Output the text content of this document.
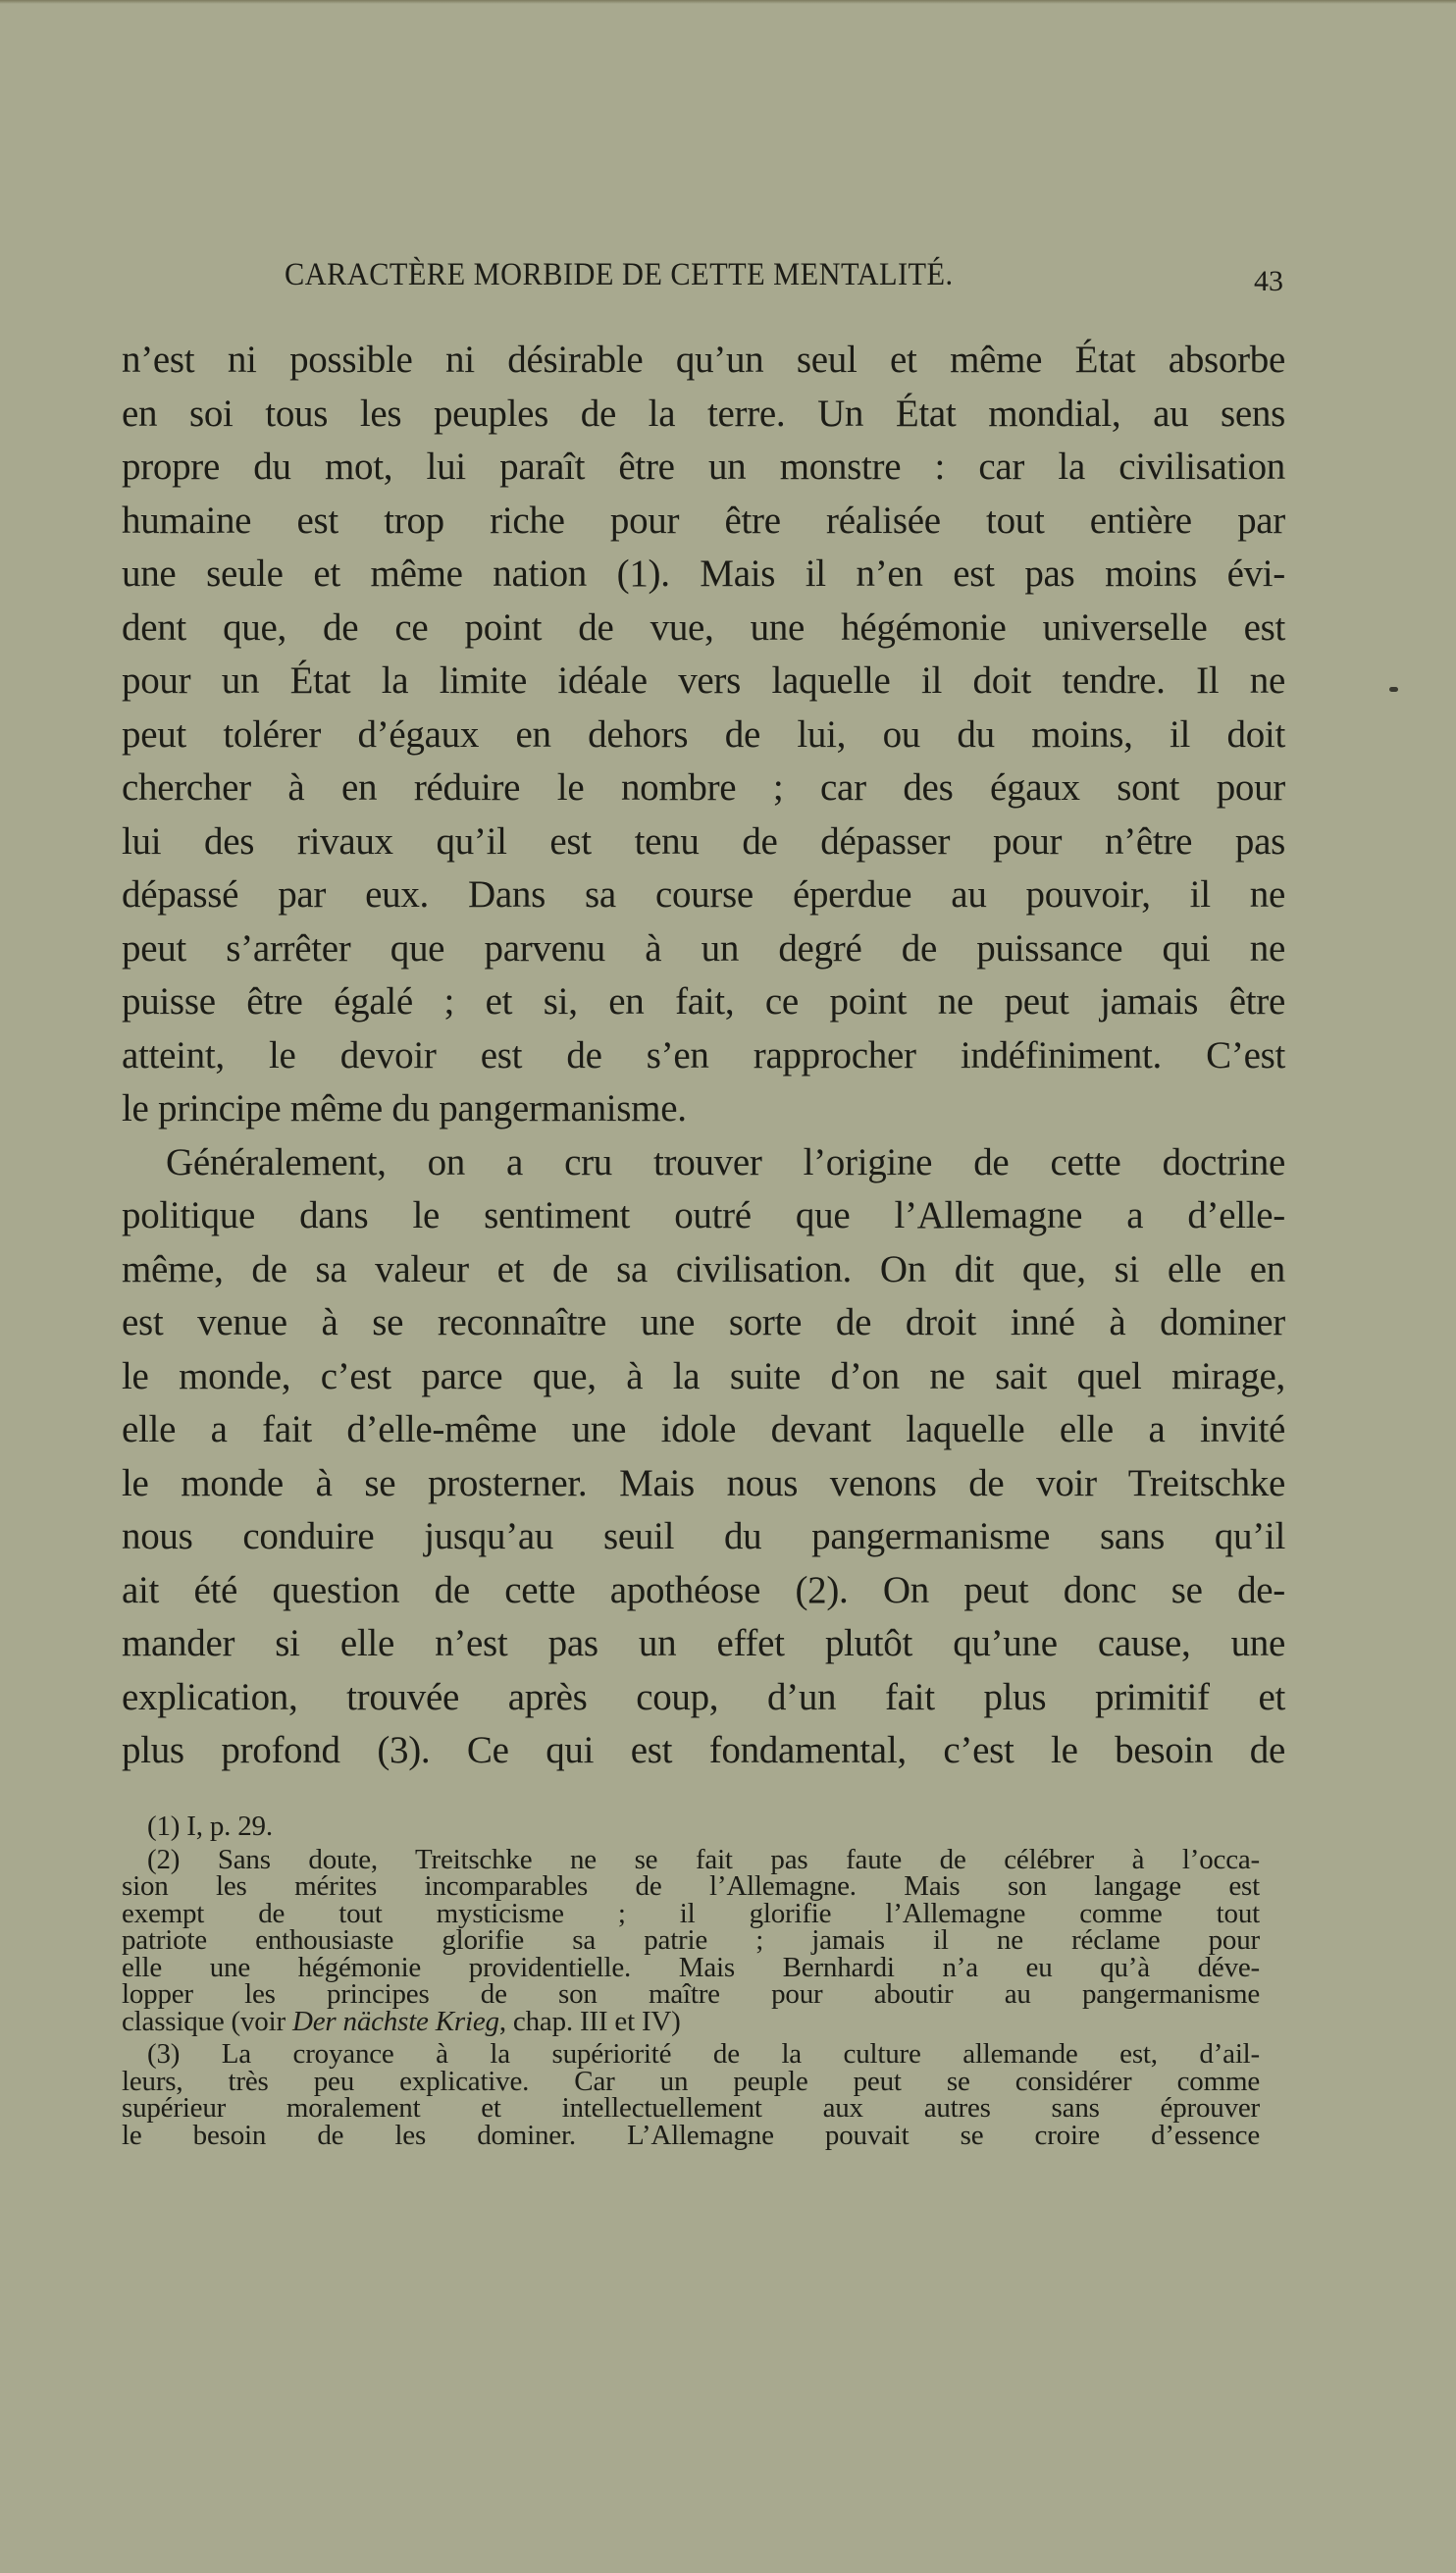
CARACTÈRE MORBIDE DE CETTE MENTALITÉ.	43
n’est ni possible ni désirable qu’un seul et même État absorbe
en soi tous les peuples de la terre. Un État mondial, au sens
propre du mot, lui paraît être un monstre : car la civilisation
humaine est trop riche pour être réalisée tout entière par
une seule et même nation (1). Mais il n’en est pas moins évi-
dent que, de ce point de vue, une hégémonie universelle est
pour un État la limite idéale vers laquelle il doit tendre. Il ne
peut tolérer d’égaux en dehors de lui, ou du moins, il doit
chercher à en réduire le nombre ; car des égaux sont pour
lui des rivaux qu’il est tenu de dépasser pour n’être pas
dépassé par eux. Dans sa course éperdue au pouvoir, il ne
peut s’arrêter que parvenu à un degré de puissance qui ne
puisse être égalé ; et si, en fait, ce point ne peut jamais être
atteint, le devoir est de s’en rapprocher indéfiniment. C’est
le principe même du pangermanisme.
Généralement, on a cru trouver l’origine de cette doctrine
politique dans le sentiment outré que l’Allemagne a d’elle-
même, de sa valeur et de sa civilisation. On dit que, si elle en
est venue à se reconnaître une sorte de droit inné à dominer
le monde, c’est parce que, à la suite d’on ne sait quel mirage,
elle a fait d’elle-même une idole devant laquelle elle a invité
le monde à se prosterner. Mais nous venons de voir Treitschke
nous conduire jusqu’au seuil du pangermanisme sans qu’il
ait été question de cette apothéose (2). On peut donc se de-
mander si elle n’est pas un effet plutôt qu’une cause, une
explication, trouvée après coup, d’un fait plus primitif et
plus profond (3). Ce qui est fondamental, c’est le besoin de
(1) I, p. 29.
(2) Sans doute, Treitschke ne se fait pas faute de célébrer à l’occa-
sion les mérites incomparables de l’Allemagne. Mais son langage est
exempt de tout mysticisme ; il glorifie l’Allemagne comme tout
patriote enthousiaste glorifie sa patrie ; jamais il ne réclame pour
elle une hégémonie providentielle. Mais Bernhardi n’a eu qu’à déve-
lopper les principes de son maître pour aboutir au pangermanisme
classique (voir Der nächste Krieg, chap. III et IV)
(3) La croyance à la supériorité de la culture allemande est, d’ail-
leurs, très peu explicative. Car un peuple peut se considérer comme
supérieur moralement et intellectuellement aux autres sans éprouver
le besoin de les dominer. L’Allemagne pouvait se croire d’essence
